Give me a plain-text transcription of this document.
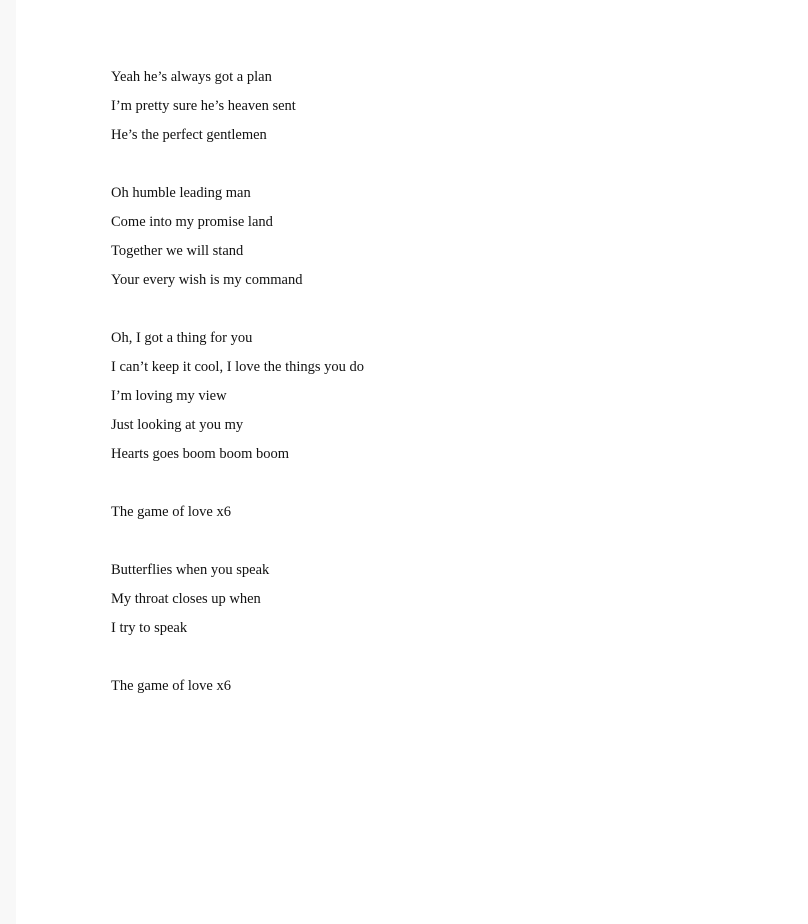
Yeah he’s always got a plan
I’m pretty sure he’s heaven sent
He’s the perfect gentlemen
Oh humble leading man
Come into my promise land
Together we will stand
Your every wish is my command
Oh, I got a thing for you
I can’t keep it cool, I love the things you do
I’m loving my view
Just looking at you my
Hearts goes boom boom boom
The game of love x6
Butterflies when you speak
My throat closes up when
I try to speak
The game of love x6
